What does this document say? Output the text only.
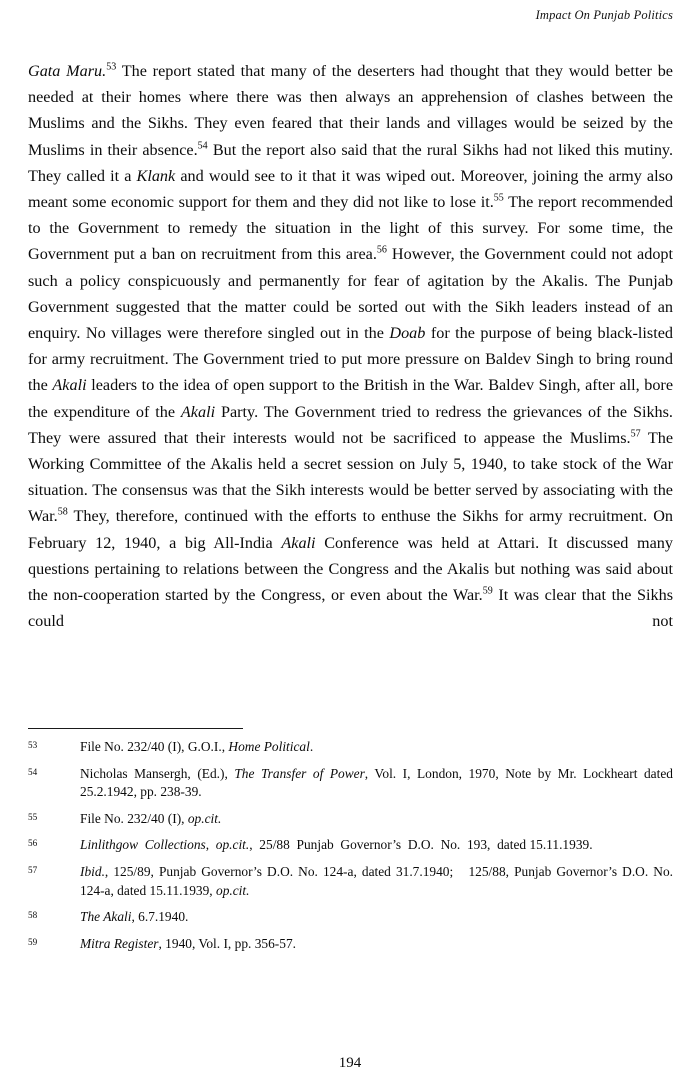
Impact On Punjab Politics

Gata Maru.$^{53}$ The report stated that many of the deserters had thought that they would better be needed at their homes where there was then always an apprehension of clashes between the Muslims and the Sikhs. They even feared that their lands and villages would be seized by the Muslims in their absence.$^{54}$ But the report also said that the rural Sikhs had not liked this mutiny. They called it a Klank and would see to it that it was wiped out. Moreover, joining the army also meant some economic support for them and they did not like to lose it.$^{55}$ The report recommended to the Government to remedy the situation in the light of this survey. For some time, the Government put a ban on recruitment from this area.$^{56}$ However, the Government could not adopt such a policy conspicuously and permanently for fear of agitation by the Akalis. The Punjab Government suggested that the matter could be sorted out with the Sikh leaders instead of an enquiry. No villages were therefore singled out in the Doab for the purpose of being black-listed for army recruitment. The Government tried to put more pressure on Baldev Singh to bring round the Akali leaders to the idea of open support to the British in the War. Baldev Singh, after all, bore the expenditure of the Akali Party. The Government tried to redress the grievances of the Sikhs. They were assured that their interests would not be sacrificed to appease the Muslims.$^{57}$ The Working Committee of the Akalis held a secret session on July 5, 1940, to take stock of the War situation. The consensus was that the Sikh interests would be better served by associating with the War.$^{58}$ They, therefore, continued with the efforts to enthuse the Sikhs for army recruitment. On February 12, 1940, a big All-India Akali Conference was held at Attari. It discussed many questions pertaining to relations between the Congress and the Akalis but nothing was said about the non-cooperation started by the Congress, or even about the War.$^{59}$ It was clear that the Sikhs could not

53	File No. 232/40 (I), G.O.I., Home Political.
54	Nicholas Mansergh, (Ed.), The Transfer of Power, Vol. I, London, 1970, Note by Mr. Lockheart dated 25.2.1942, pp. 238-39.
55	File No. 232/40 (I), op.cit.
56	Linlithgow  Collections,  op.cit.,  25/88  Punjab  Governor’s  D.O.  No.  193,  dated 15.11.1939.
57	Ibid., 125/89, Punjab Governor’s D.O. No. 124-a, dated 31.7.1940;   125/88, Punjab Governor’s D.O. No. 124-a, dated 15.11.1939, op.cit.
58	The Akali, 6.7.1940.
59	Mitra Register, 1940, Vol. I, pp. 356-57.
194
